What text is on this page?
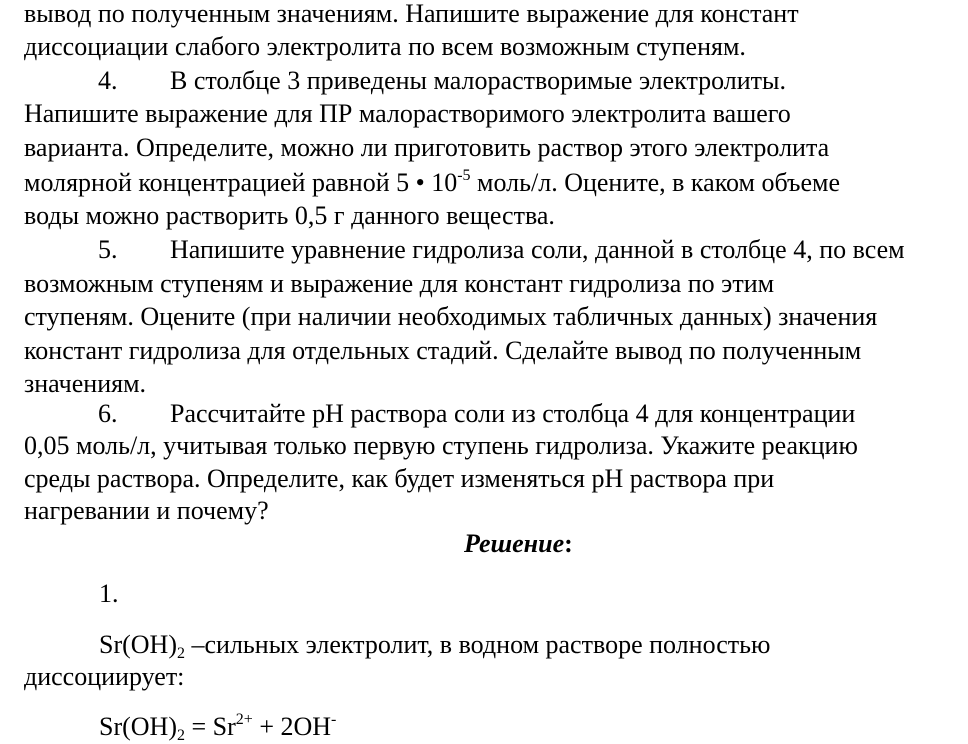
вывод по полученным значениям. Напишите выражение для констант
диссоциации слабого электролита по всем возможным ступеням.
4. В столбце 3 приведены малорастворимые электролиты.
Напишите выражение для ПР малорастворимого электролита вашего
варианта. Определите, можно ли приготовить раствор этого электролита
молярной концентрацией равной 5 • $10^{-5}$ моль/л. Оцените, в каком объеме
воды можно растворить 0,5 г данного вещества.
5. Напишите уравнение гидролиза соли, данной в столбце 4, по всем
возможным ступеням и выражение для констант гидролиза по этим
ступеням. Оцените (при наличии необходимых табличных данных) значения
констант гидролиза для отдельных стадий. Сделайте вывод по полученным
значениям.
6. Рассчитайте рН раствора соли из столбца 4 для концентрации
0,05 моль/л, учитывая только первую ступень гидролиза. Укажите реакцию
среды раствора. Определите, как будет изменяться рН раствора при
нагревании и почему?
Решение:
1.
$Sr(OH)_2$ –сильных электролит, в водном растворе полностью
диссоциирует:
$Sr(OH)_2 = Sr^{2+} + 2OH^-$
